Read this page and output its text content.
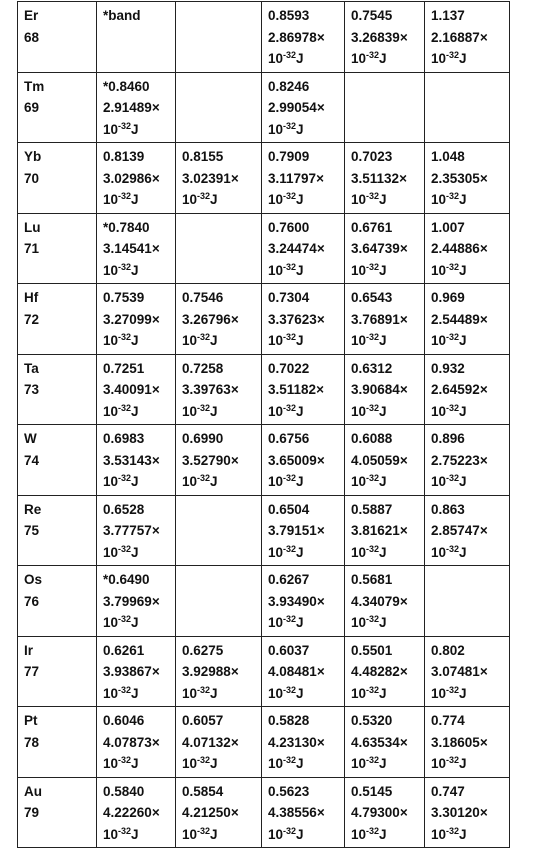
Er
68	*band		0.8593
2.86978×
$10^{-32}J$	0.7545
3.26839×
$10^{-32}J$	1.137
2.16887×
$10^{-32}J$

Tm
69	*0.8460
2.91489×
$10^{-32}J$		0.8246
2.99054×
$10^{-32}J$		

Yb
70	0.8139
3.02986×
$10^{-32}J$	0.8155
3.02391×
$10^{-32}J$	0.7909
3.11797×
$10^{-32}J$	0.7023
3.51132×
$10^{-32}J$	1.048
2.35305×
$10^{-32}J$

Lu
71	*0.7840
3.14541×
$10^{-32}J$		0.7600
3.24474×
$10^{-32}J$	0.6761
3.64739×
$10^{-32}J$	1.007
2.44886×
$10^{-32}J$

Hf
72	0.7539
3.27099×
$10^{-32}J$	0.7546
3.26796×
$10^{-32}J$	0.7304
3.37623×
$10^{-32}J$	0.6543
3.76891×
$10^{-32}J$	0.969
2.54489×
$10^{-32}J$

Ta
73	0.7251
3.40091×
$10^{-32}J$	0.7258
3.39763×
$10^{-32}J$	0.7022
3.51182×
$10^{-32}J$	0.6312
3.90684×
$10^{-32}J$	0.932
2.64592×
$10^{-32}J$

W
74	0.6983
3.53143×
$10^{-32}J$	0.6990
3.52790×
$10^{-32}J$	0.6756
3.65009×
$10^{-32}J$	0.6088
4.05059×
$10^{-32}J$	0.896
2.75223×
$10^{-32}J$

Re
75	0.6528
3.77757×
$10^{-32}J$		0.6504
3.79151×
$10^{-32}J$	0.5887
3.81621×
$10^{-32}J$	0.863
2.85747×
$10^{-32}J$

Os
76	*0.6490
3.79969×
$10^{-32}J$		0.6267
3.93490×
$10^{-32}J$	0.5681
4.34079×
$10^{-32}J$	

Ir
77	0.6261
3.93867×
$10^{-32}J$	0.6275
3.92988×
$10^{-32}J$	0.6037
4.08481×
$10^{-32}J$	0.5501
4.48282×
$10^{-32}J$	0.802
3.07481×
$10^{-32}J$

Pt
78	0.6046
4.07873×
$10^{-32}J$	0.6057
4.07132×
$10^{-32}J$	0.5828
4.23130×
$10^{-32}J$	0.5320
4.63534×
$10^{-32}J$	0.774
3.18605×
$10^{-32}J$

Au
79	0.5840
4.22260×
$10^{-32}J$	0.5854
4.21250×
$10^{-32}J$	0.5623
4.38556×
$10^{-32}J$	0.5145
4.79300×
$10^{-32}J$	0.747
3.30120×
$10^{-32}J$
